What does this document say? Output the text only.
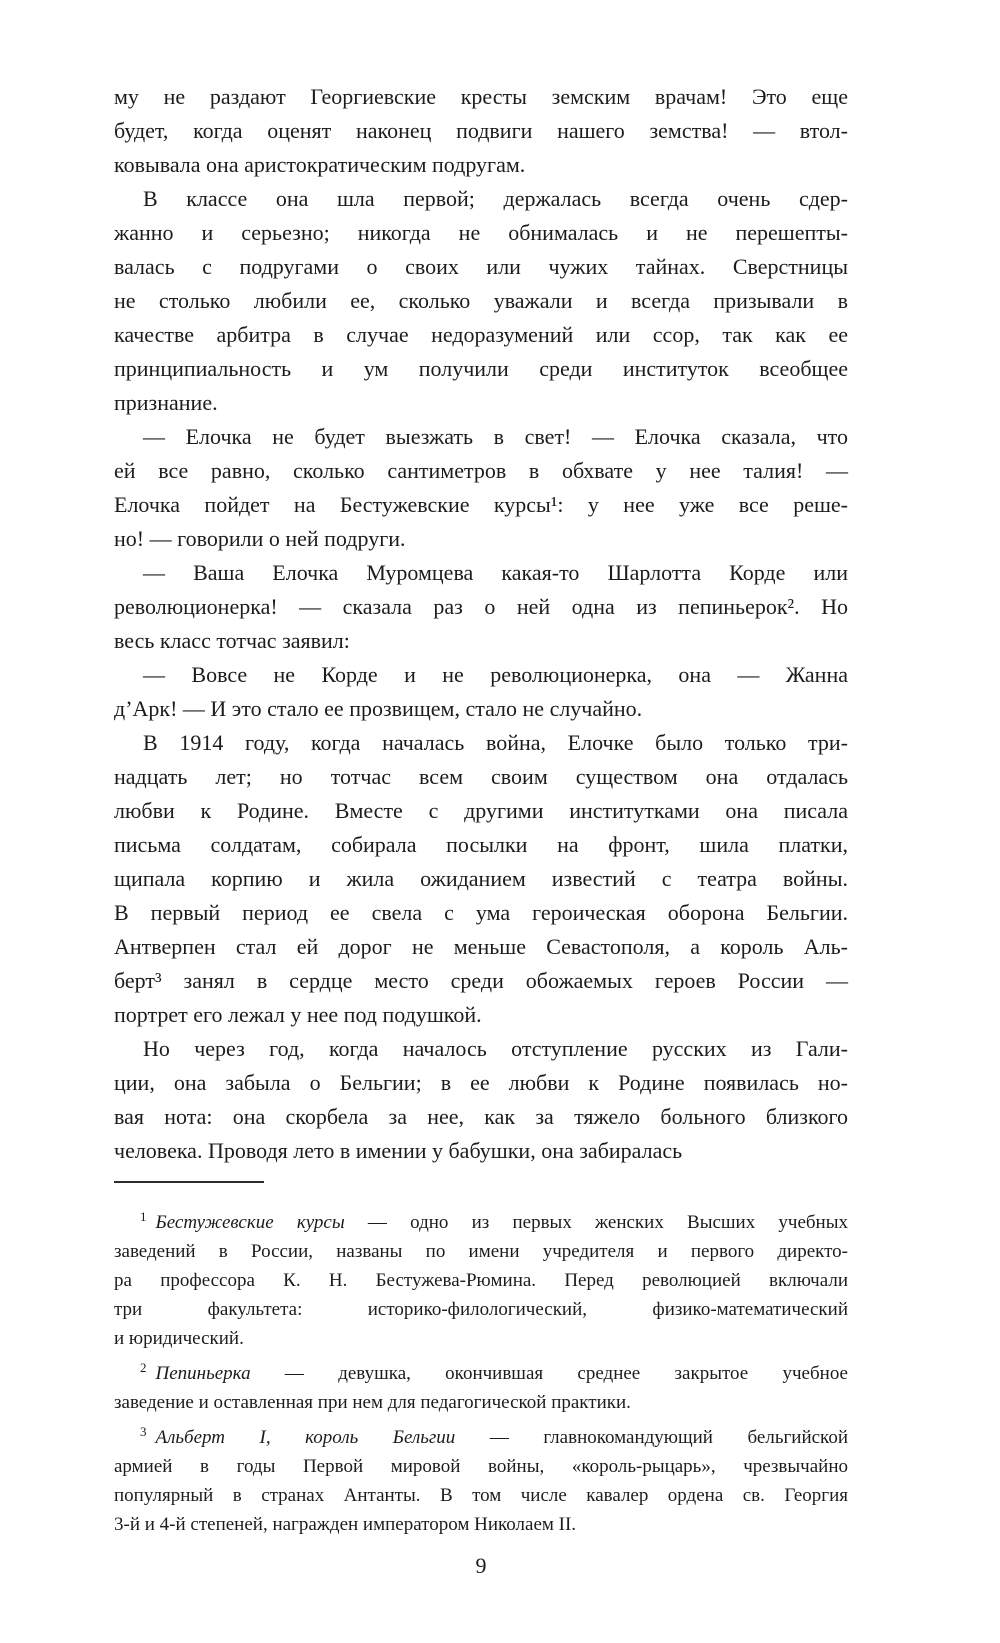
му не раздают Георгиевские кресты земским врачам! Это еще
будет, когда оценят наконец подвиги нашего земства! — втол-
ковывала она аристократическим подругам.
В классе она шла первой; держалась всегда очень сдер-
жанно и серьезно; никогда не обнималась и не перешепты-
валась с подругами о своих или чужих тайнах. Сверстницы
не столько любили ее, сколько уважали и всегда призывали в
качестве арбитра в случае недоразумений или ссор, так как ее
принципиальность и ум получили среди институток всеобщее
признание.
— Елочка не будет выезжать в свет! — Елочка сказала, что
ей все равно, сколько сантиметров в обхвате у нее талия! —
Елочка пойдет на Бестужевские курсы¹: у нее уже все реше-
но! — говорили о ней подруги.
— Ваша Елочка Муромцева какая-то Шарлотта Корде или
революционерка! — сказала раз о ней одна из пепиньерок². Но
весь класс тотчас заявил:
— Вовсе не Корде и не революционерка, она — Жанна
д’Арк! — И это стало ее прозвищем, стало не случайно.
В 1914 году, когда началась война, Елочке было только три-
надцать лет; но тотчас всем своим существом она отдалась
любви к Родине. Вместе с другими институтками она писала
письма солдатам, собирала посылки на фронт, шила платки,
щипала корпию и жила ожиданием известий с театра войны.
В первый период ее свела с ума героическая оборона Бельгии.
Антверпен стал ей дорог не меньше Севастополя, а король Аль-
берт³ занял в сердце место среди обожаемых героев России —
портрет его лежал у нее под подушкой.
Но через год, когда началось отступление русских из Гали-
ции, она забыла о Бельгии; в ее любви к Родине появилась но-
вая нота: она скорбела за нее, как за тяжело больного близкого
человека. Проводя лето в имении у бабушки, она забиралась
1 Бестужевские курсы — одно из первых женских Высших учебных
заведений в России, названы по имени учредителя и первого директо-
ра профессора К. Н. Бестужева-Рюмина. Перед революцией включали
три факультета: историко-филологический, физико-математический
и юридический.
2 Пепиньерка — девушка, окончившая среднее закрытое учебное
заведение и оставленная при нем для педагогической практики.
3 Альберт I, король Бельгии — главнокомандующий бельгийской
армией в годы Первой мировой войны, «король-рыцарь», чрезвычайно
популярный в странах Антанты. В том числе кавалер ордена св. Георгия
3-й и 4-й степеней, награжден императором Николаем II.
9
